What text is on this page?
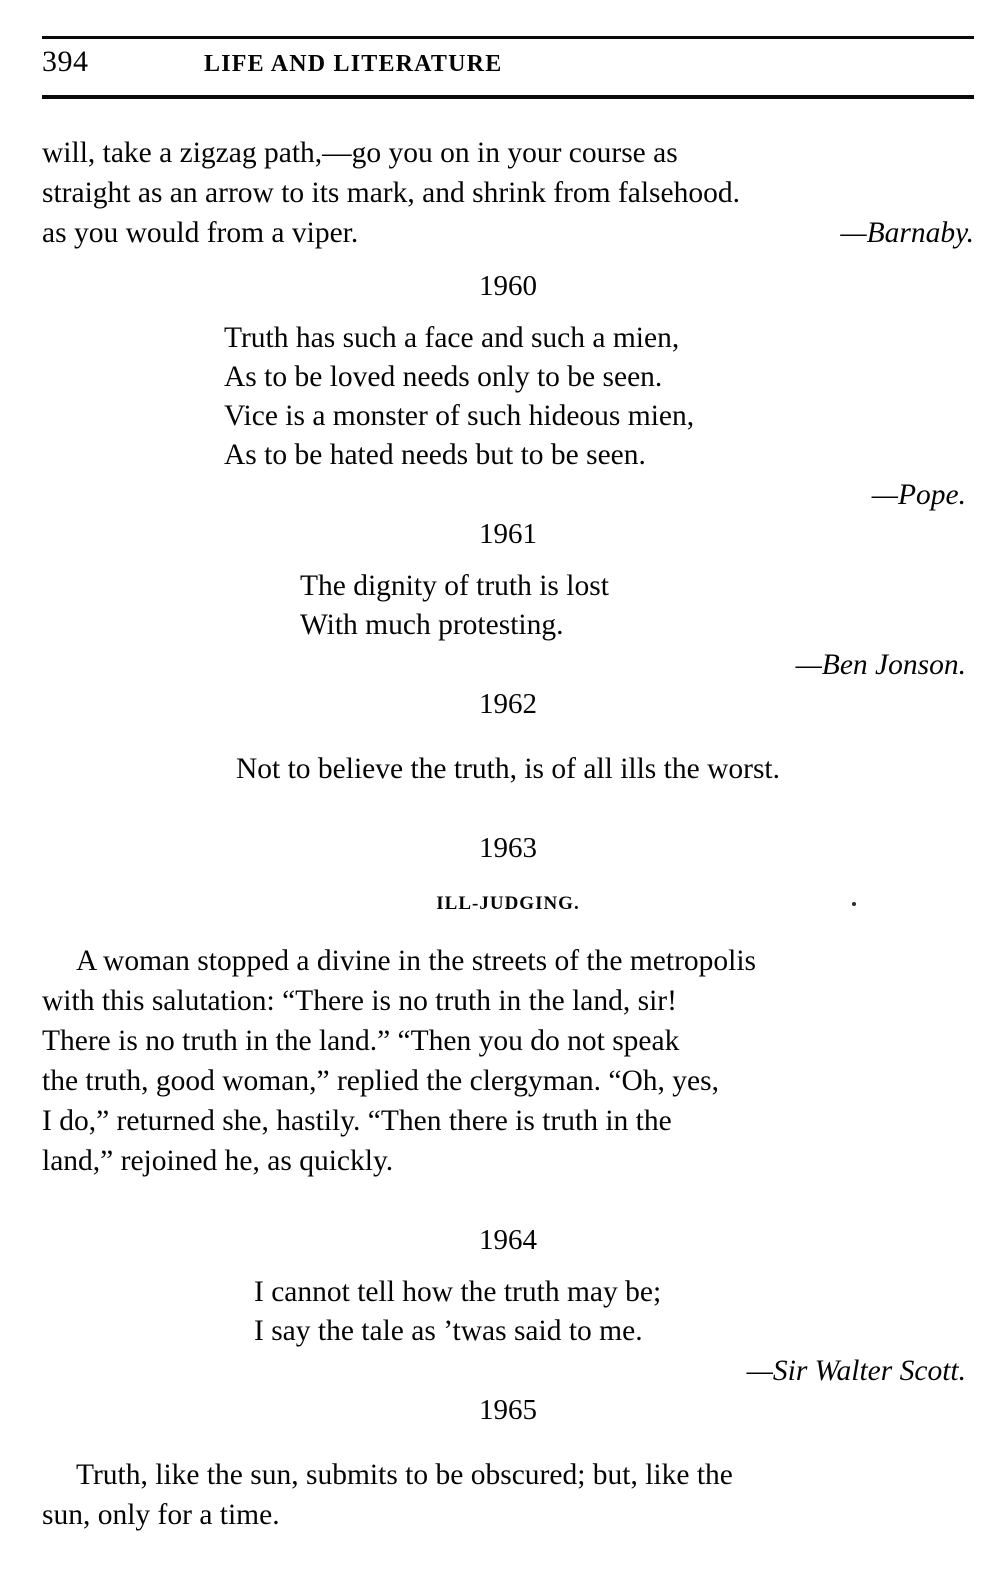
394	LIFE AND LITERATURE
will, take a zigzag path,—go you on in your course as
straight as an arrow to its mark, and shrink from falsehood.
as you would from a viper.	—Barnaby.
1960
Truth has such a face and such a mien,
As to be loved needs only to be seen.
Vice is a monster of such hideous mien,
As to be hated needs but to be seen.
—Pope.
1961
The dignity of truth is lost
With much protesting.
—Ben Jonson.
1962
Not to believe the truth, is of all ills the worst.
1963
ILL-JUDGING.
A woman stopped a divine in the streets of the metropolis
with this salutation: “There is no truth in the land, sir!
There is no truth in the land.” “Then you do not speak
the truth, good woman,” replied the clergyman. “Oh, yes,
I do,” returned she, hastily. “Then there is truth in the
land,” rejoined he, as quickly.
1964
I cannot tell how the truth may be;
I say the tale as ’twas said to me.
—Sir Walter Scott.
1965
Truth, like the sun, submits to be obscured; but, like the
sun, only for a time.
